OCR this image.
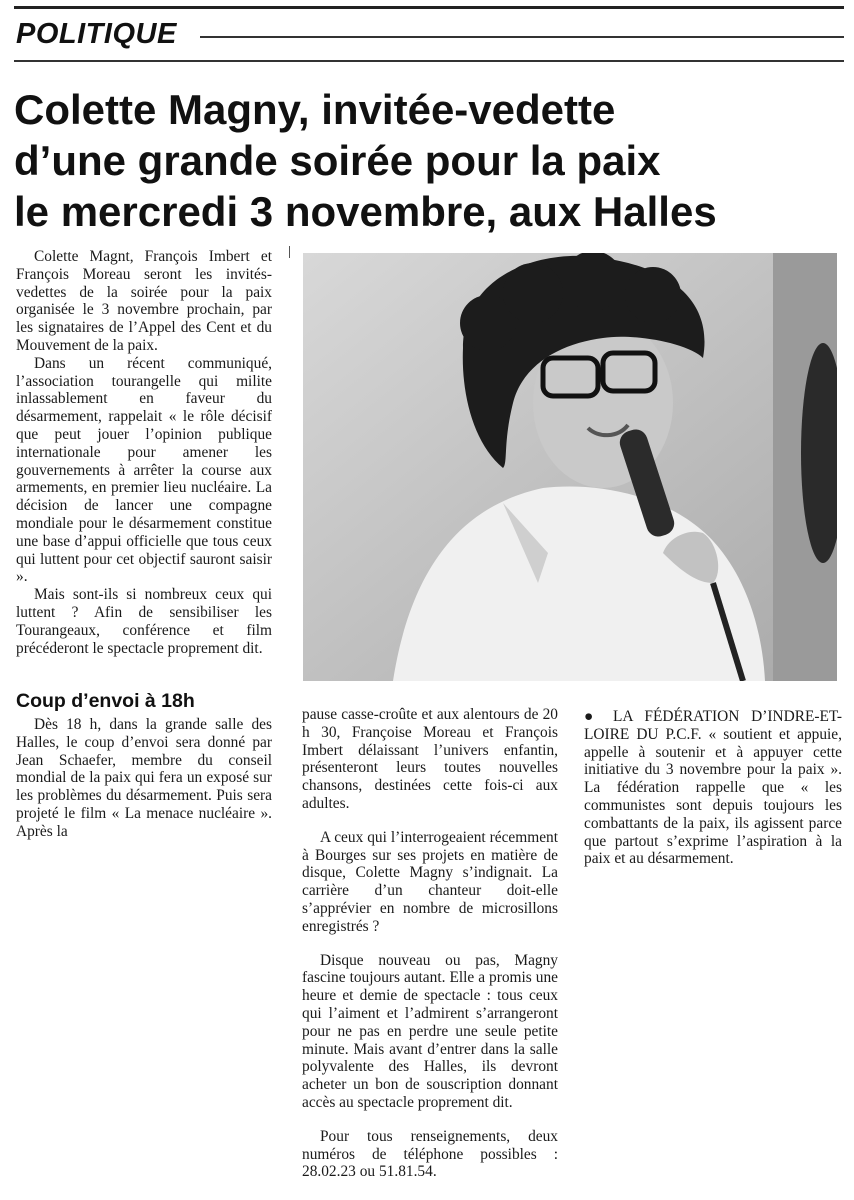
POLITIQUE
Colette Magny, invitée-vedette
d’une grande soirée pour la paix
le mercredi 3 novembre, aux Halles

Colette Magnt, François Imbert et François Moreau seront les invités-vedettes de la soirée pour la paix organisée le 3 novembre prochain, par les signataires de l’Appel des Cent et du Mouvement de la paix.

Dans un récent communiqué, l’association tourangelle qui milite inlassablement en faveur du désarmement, rappelait « le rôle décisif que peut jouer l’opinion publique internationale pour amener les gouvernements à arrêter la course aux armements, en premier lieu nucléaire. La décision de lancer une compagne mondiale pour le désarmement constitue une base d’appui officielle que tous ceux qui luttent pour cet objectif sauront saisir ».

Mais sont-ils si nombreux ceux qui luttent ? Afin de sensibiliser les Tourangeaux, conférence et film précéderont le spectacle proprement dit.

Coup d’envoi à 18h

Dès 18 h, dans la grande salle des Halles, le coup d’envoi sera donné par Jean Schaefer, membre du conseil mondial de la paix qui fera un exposé sur les problèmes du désarmement. Puis sera projeté le film « La menace nucléaire ». Après la

pause casse-croûte et aux alentours de 20 h 30, Françoise Moreau et François Imbert délaissant l’univers enfantin, présenteront leurs toutes nouvelles chansons, destinées cette fois-ci aux adultes.

A ceux qui l’interrogeaient récemment à Bourges sur ses projets en matière de disque, Colette Magny s’indignait. La carrière d’un chanteur doit-elle s’apprévier en nombre de microsillons enregistrés ?

Disque nouveau ou pas, Magny fascine toujours autant. Elle a promis une heure et demie de spectacle : tous ceux qui l’aiment et l’admirent s’arrangeront pour ne pas en perdre une seule petite minute. Mais avant d’entrer dans la salle polyvalente des Halles, ils devront acheter un bon de souscription donnant accès au spectacle proprement dit.

Pour tous renseignements, deux numéros de téléphone possibles : 28.02.23 ou 51.81.54.

● LA FÉDÉRATION D’INDRE-ET-LOIRE DU P.C.F. « soutient et appuie, appelle à soutenir et à appuyer cette initiative du 3 novembre pour la paix ». La fédération rappelle que « les communistes sont depuis toujours les combattants de la paix, ils agissent parce que partout s’exprime l’aspiration à la paix et au désarmement.
